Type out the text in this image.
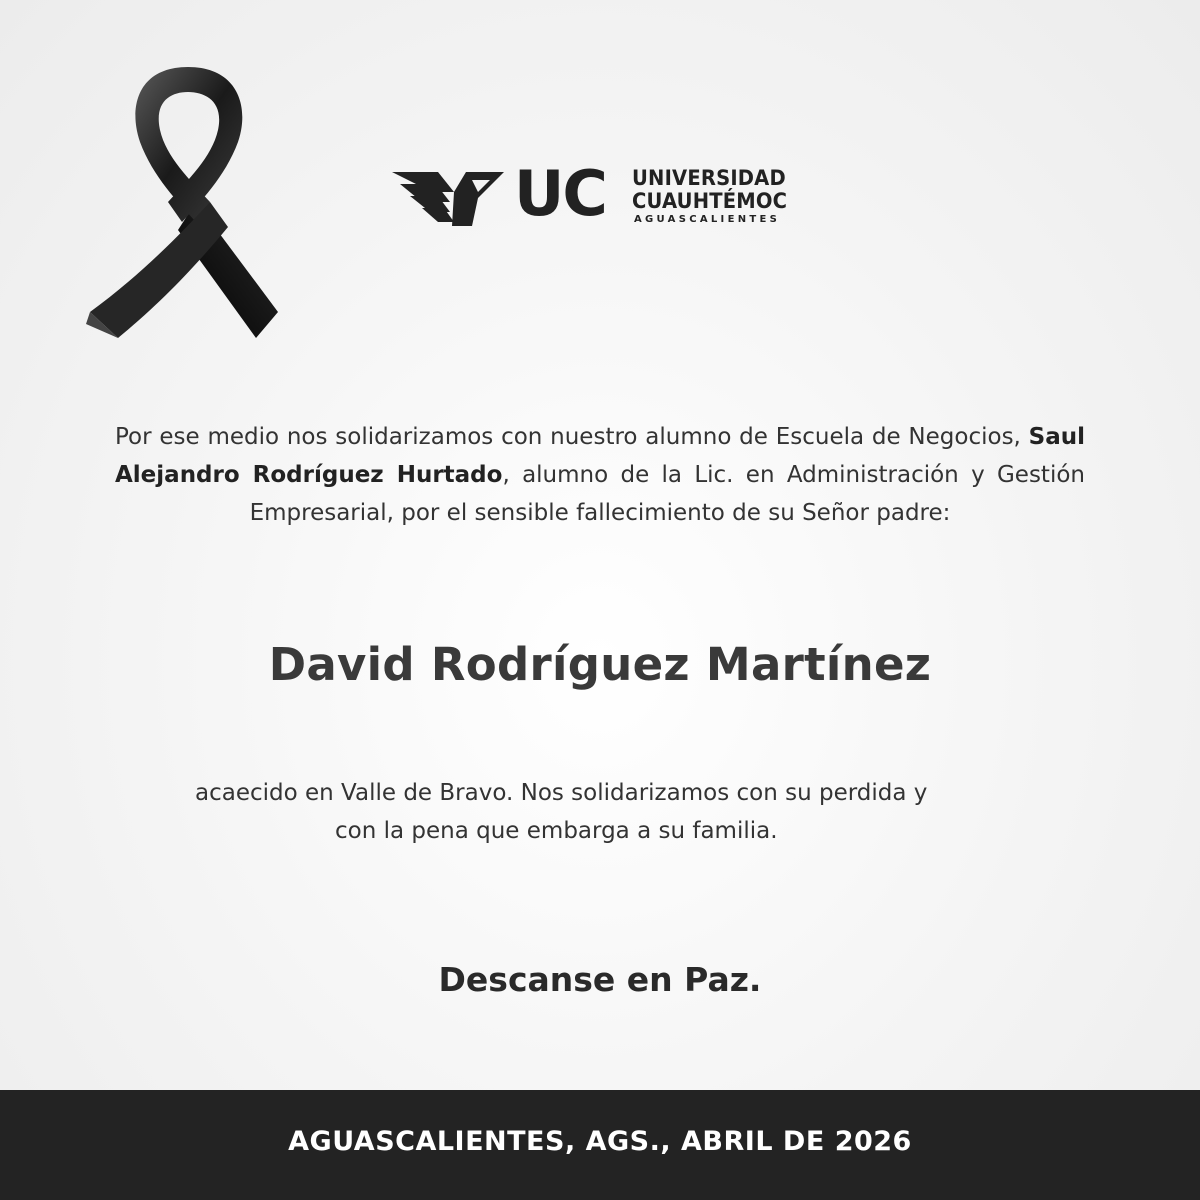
UC UNIVERSIDAD
CUAUHTÉMOC
AGUASCALIENTES

Por ese medio nos solidarizamos con nuestro alumno de Escuela de Negocios, Saul Alejandro Rodríguez Hurtado, alumno de la Lic. en Administración y Gestión Empresarial, por el sensible fallecimiento de su Señor padre:

David Rodríguez Martínez
acaecido en Valle de Bravo. Nos solidarizamos con su perdida y
con la pena que embarga a su familia.
Descanse en Paz.
AGUASCALIENTES, AGS., ABRIL DE 2026
